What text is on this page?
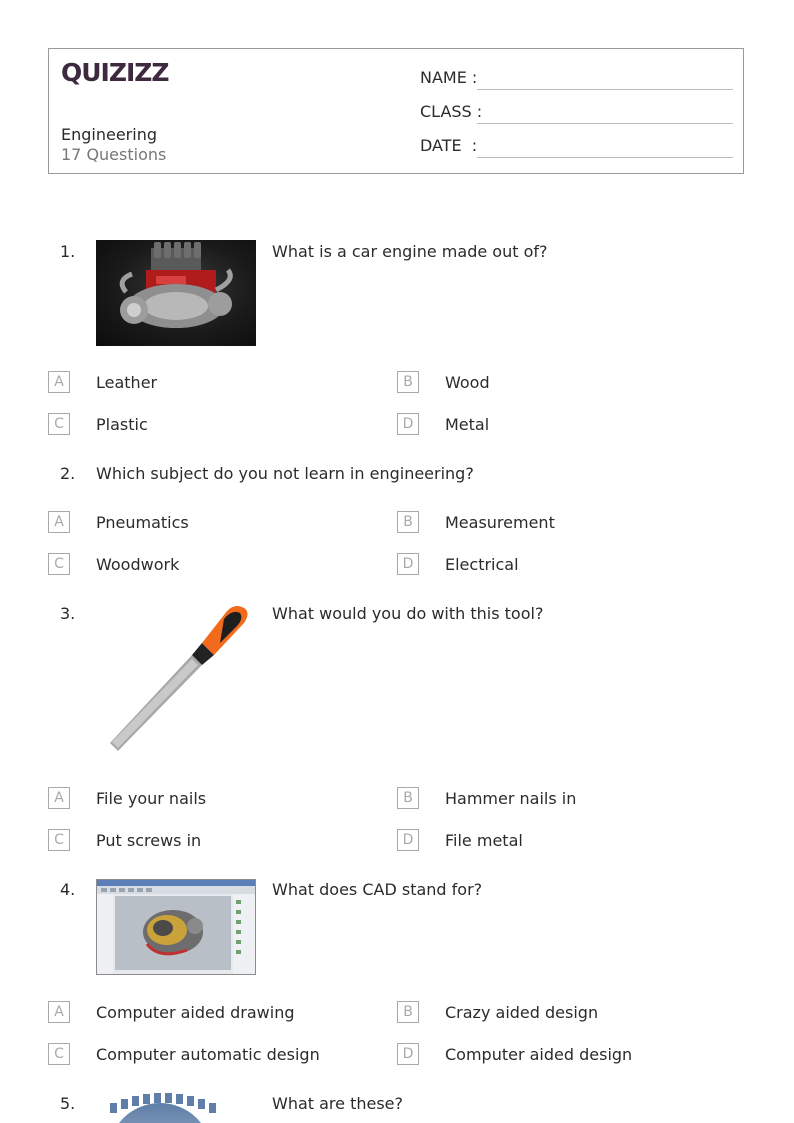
QUIZIZZ
Engineering
17 Questions
NAME :
CLASS :
DATE  :
1.	What is a car engine made out of?
A	Leather	B	Wood
C	Plastic	D	Metal
2. Which subject do you not learn in engineering?
A	Pneumatics	B	Measurement
C	Woodwork	D	Electrical
3.	What would you do with this tool?
A	File your nails	B	Hammer nails in
C	Put screws in	D	File metal
4.	What does CAD stand for?
A	Computer aided drawing	B	Crazy aided design
C	Computer automatic design	D	Computer aided design
5.	What are these?
